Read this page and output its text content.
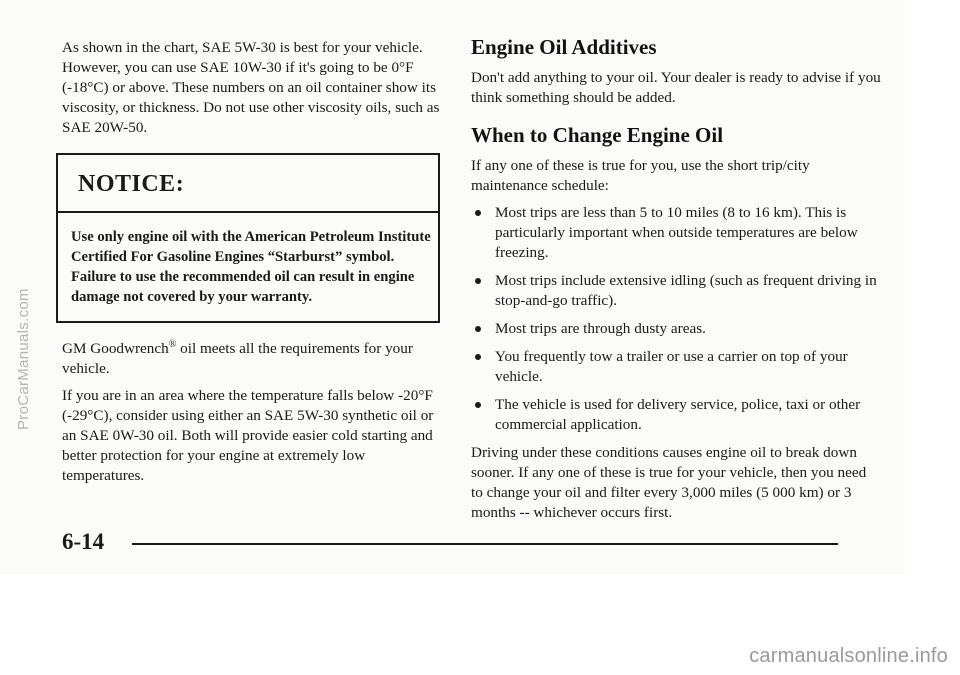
As shown in the chart, SAE 5W-30 is best for your vehicle. However, you can use SAE 10W-30 if it's going to be 0°F (-18°C) or above. These numbers on an oil container show its viscosity, or thickness. Do not use other viscosity oils, such as SAE 20W-50.

NOTICE:

Use only engine oil with the American Petroleum Institute Certified For Gasoline Engines “Starburst” symbol. Failure to use the recommended oil can result in engine damage not covered by your warranty.

GM Goodwrench® oil meets all the requirements for your vehicle.

If you are in an area where the temperature falls below -20°F (-29°C), consider using either an SAE 5W-30 synthetic oil or an SAE 0W-30 oil. Both will provide easier cold starting and better protection for your engine at extremely low temperatures.

Engine Oil Additives

Don't add anything to your oil. Your dealer is ready to advise if you think something should be added.

When to Change Engine Oil

If any one of these is true for you, use the short trip/city maintenance schedule:

Most trips are less than 5 to 10 miles (8 to 16 km). This is particularly important when outside temperatures are below freezing.
Most trips include extensive idling (such as frequent driving in stop-and-go traffic).
Most trips are through dusty areas.
You frequently tow a trailer or use a carrier on top of your vehicle.
The vehicle is used for delivery service, police, taxi or other commercial application.

Driving under these conditions causes engine oil to break down sooner. If any one of these is true for your vehicle, then you need to change your oil and filter every 3,000 miles (5 000 km) or 3 months -- whichever occurs first.

6-14
ProCarManuals.com
carmanualsonline.info
